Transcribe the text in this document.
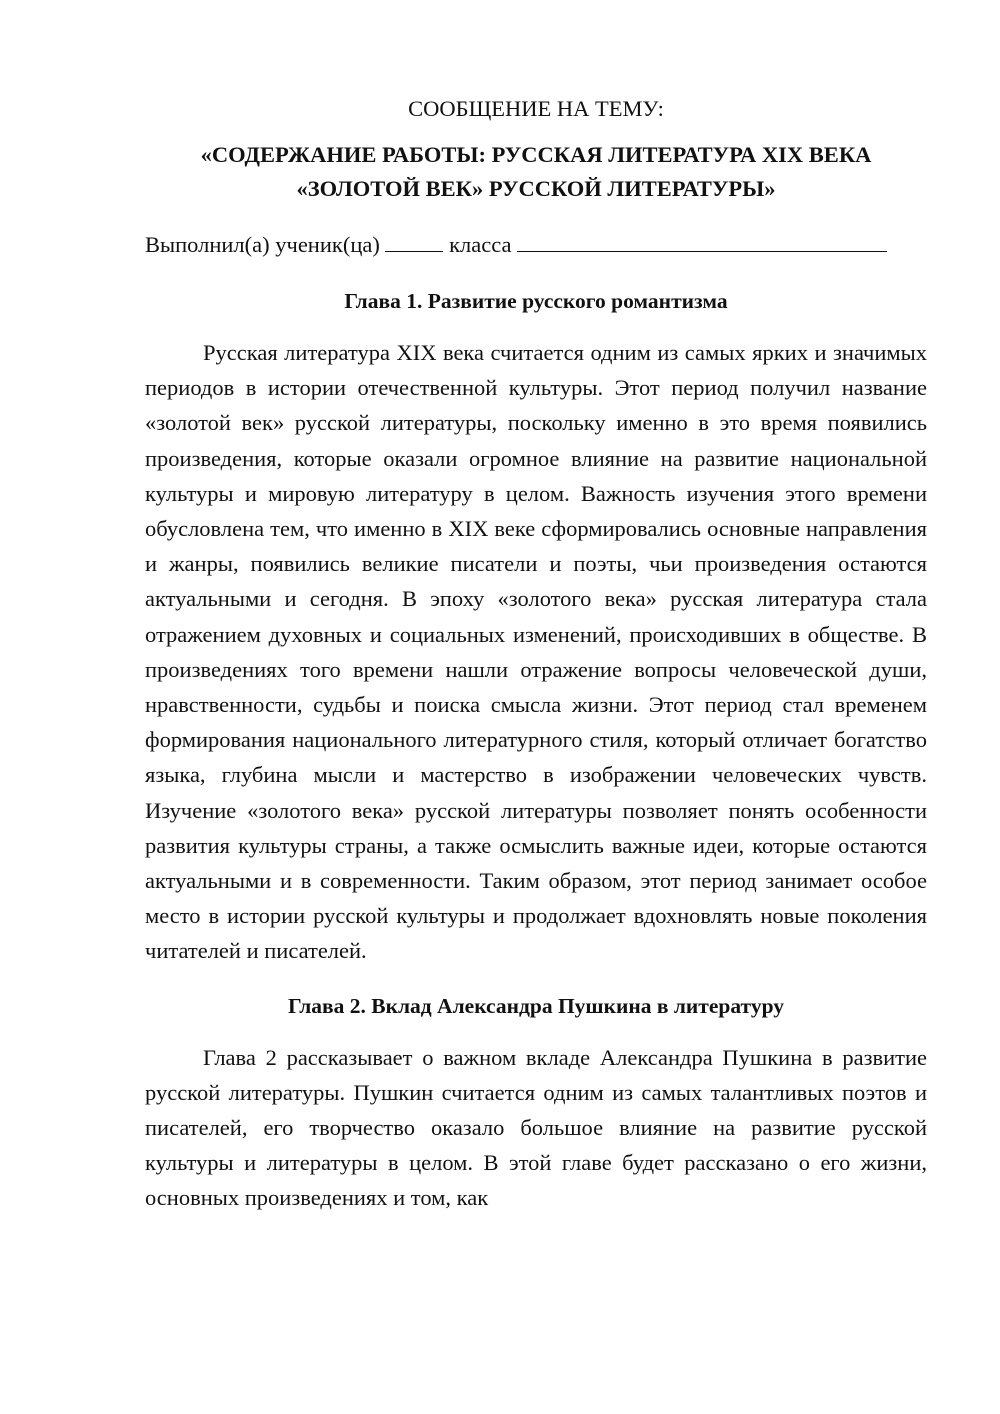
СООБЩЕНИЕ НА ТЕМУ:

«СОДЕРЖАНИЕ РАБОТЫ: РУССКАЯ ЛИТЕРАТУРА XIX ВЕКА
«ЗОЛОТОЙ ВЕК» РУССКОЙ ЛИТЕРАТУРЫ»
Выполнил(а) ученик(ца)	класса
Глава 1. Развитие русского романтизма

Русская литература XIX века считается одним из самых ярких и значимых периодов в истории отечественной культуры. Этот период получил название «золотой век» русской литературы, поскольку именно в это время появились произведения, которые оказали огромное влияние на развитие национальной культуры и мировую литературу в целом. Важность изучения этого времени обусловлена тем, что именно в XIX веке сформировались основные направления и жанры, появились великие писатели и поэты, чьи произведения остаются актуальными и сегодня. В эпоху «золотого века» русская литература стала отражением духовных и социальных изменений, происходивших в обществе. В произведениях того времени нашли отражение вопросы человеческой души, нравственности, судьбы и поиска смысла жизни. Этот период стал временем формирования национального литературного стиля, который отличает богатство языка, глубина мысли и мастерство в изображении человеческих чувств. Изучение «золотого века» русской литературы позволяет понять особенности развития культуры страны, а также осмыслить важные идеи, которые остаются актуальными и в современности. Таким образом, этот период занимает особое место в истории русской культуры и продолжает вдохновлять новые поколения читателей и писателей.

Глава 2. Вклад Александра Пушкина в литературу

Глава 2 рассказывает о важном вкладе Александра Пушкина в развитие русской литературы. Пушкин считается одним из самых талантливых поэтов и писателей, его творчество оказало большое влияние на развитие русской культуры и литературы в целом. В этой главе будет рассказано о его жизни, основных произведениях и том, как
